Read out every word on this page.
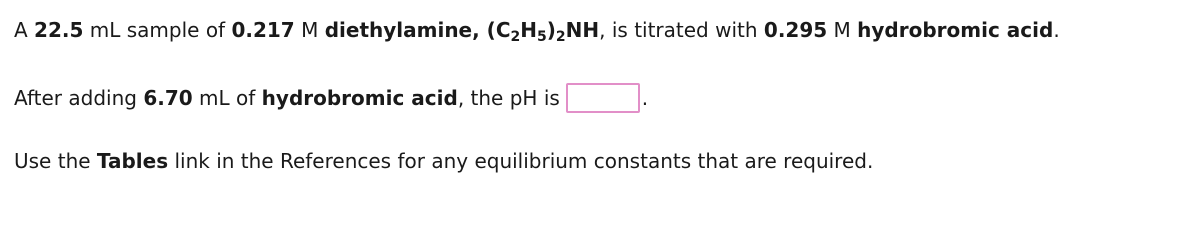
A 22.5 mL sample of 0.217 M diethylamine, $(C_2H_5)_2NH$, is titrated with 0.295 M hydrobromic acid.
After adding 6.70 mL of hydrobromic acid, the pH is	.
Use the Tables link in the References for any equilibrium constants that are required.
